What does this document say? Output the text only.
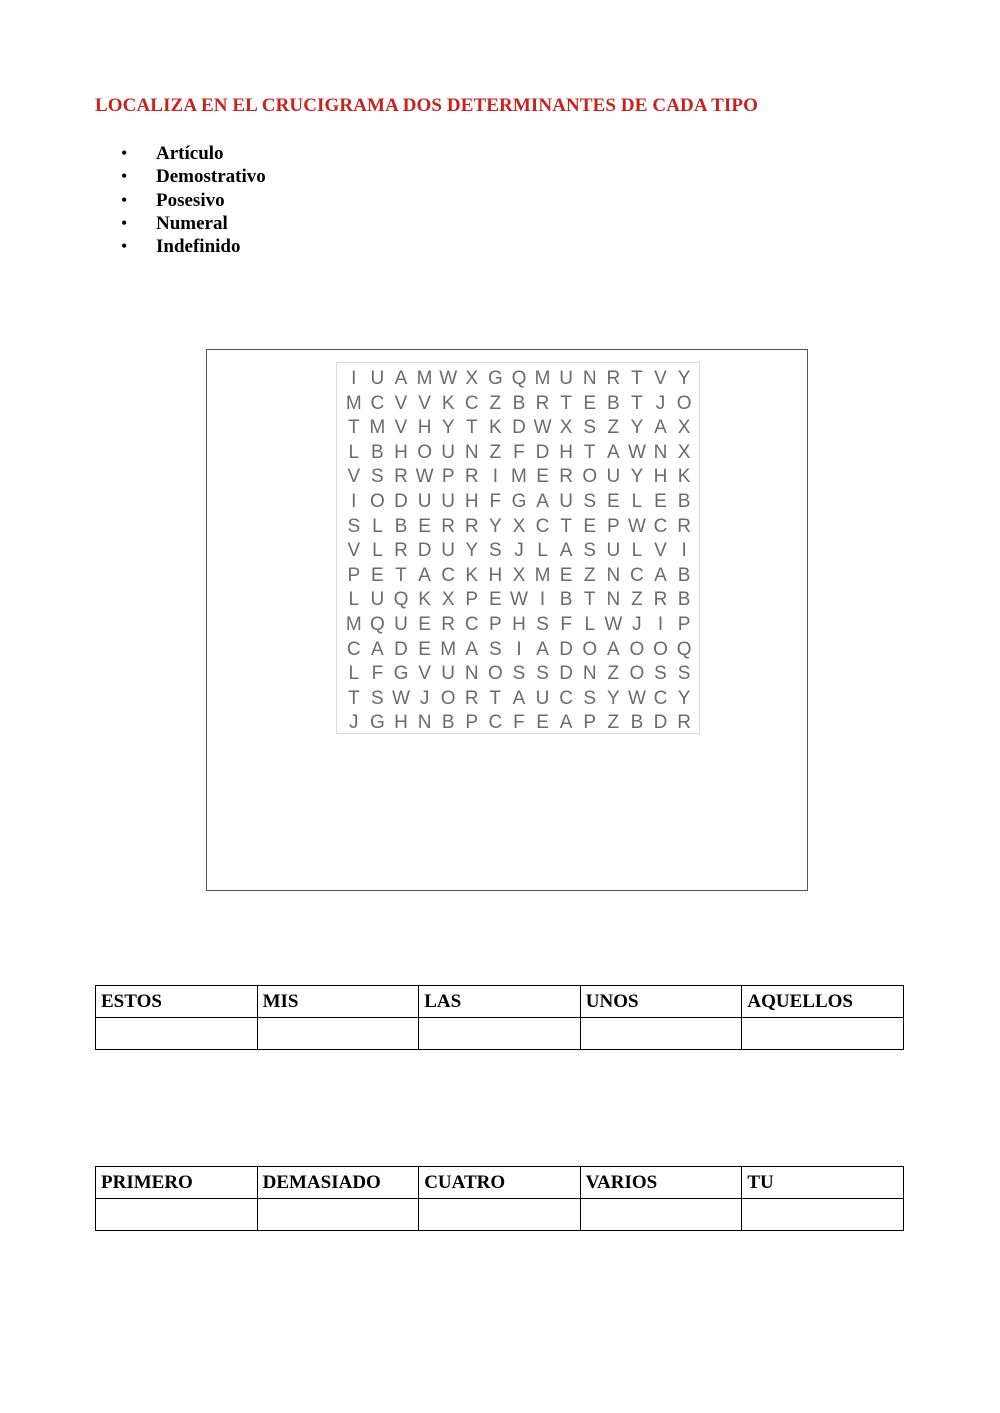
LOCALIZA EN EL CRUCIGRAMA DOS DETERMINANTES DE CADA TIPO
• Artículo
• Demostrativo
• Posesivo
• Numeral
• Indefinido
I U A M W X G Q M U N R T V Y
M C V V K C Z B R T E B T J O
T M V H Y T K D W X S Z Y A X
L B H O U N Z F D H T A W N X
V S R W P R I M E R O U Y H K
I O D U U H F G A U S E L E B
S L B E R R Y X C T E P W C R
V L R D U Y S J L A S U L V I
P E T A C K H X M E Z N C A B
L U Q K X P E W I B T N Z R B
M Q U E R C P H S F L W J I P
C A D E M A S I A D O A O O Q
L F G V U N O S S D N Z O S S
T S W J O R T A U C S Y W C Y
J G H N B P C F E A P Z B D R
ESTOS	MIS	LAS	UNOS	AQUELLOS

PRIMERO	DEMASIADO	CUATRO	VARIOS	TU
